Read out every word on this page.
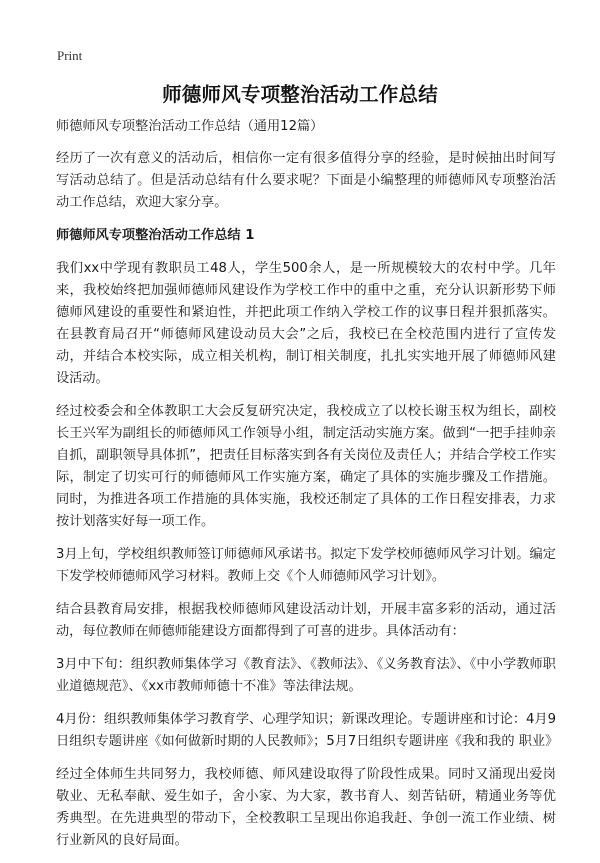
Print
师德师风专项整治活动工作总结

师德师风专项整治活动工作总结（通用12篇）

经历了一次有意义的活动后，相信你一定有很多值得分享的经验，是时候抽出时间写写活动总结了。但是活动总结有什么要求呢？下面是小编整理的师德师风专项整治活动工作总结，欢迎大家分享。

师德师风专项整治活动工作总结 1

我们xx中学现有教职员工48人，学生500余人，是一所规模较大的农村中学。几年来，我校始终把加强师德师风建设作为学校工作中的重中之重，充分认识新形势下师德师风建设的重要性和紧迫性，并把此项工作纳入学校工作的议事日程并狠抓落实。在县教育局召开“师德师风建设动员大会”之后，我校已在全校范围内进行了宣传发动，并结合本校实际，成立相关机构，制订相关制度，扎扎实实地开展了师德师风建设活动。

经过校委会和全体教职工大会反复研究决定，我校成立了以校长谢玉权为组长，副校长王兴军为副组长的师德师风工作领导小组，制定活动实施方案。做到“一把手挂帅亲自抓，副职领导具体抓”，把责任目标落实到各有关岗位及责任人；并结合学校工作实际，制定了切实可行的师德师风工作实施方案，确定了具体的实施步骤及工作措施。同时，为推进各项工作措施的具体实施，我校还制定了具体的工作日程安排表，力求按计划落实好每一项工作。

3月上旬，学校组织教师签订师德师风承诺书。拟定下发学校师德师风学习计划。编定下发学校师德师风学习材料。教师上交《个人师德师风学习计划》。

结合县教育局安排，根据我校师德师风建设活动计划，开展丰富多彩的活动，通过活动，每位教师在师德师能建设方面都得到了可喜的进步。具体活动有：

3月中下旬：组织教师集体学习《教育法》、《教师法》、《义务教育法》、《中小学教师职业道德规范》、《xx市教师师德十不准》等法律法规。

4月份：组织教师集体学习教育学、心理学知识；新课改理论。专题讲座和讨论：4月9日组织专题讲座《如何做新时期的人民教师》；5月7日组织专题讲座《我和我的 职业》

经过全体师生共同努力，我校师德、师风建设取得了阶段性成果。同时又涌现出爱岗敬业、无私奉献、爱生如子，舍小家、为大家，教书育人、刻苦钻研，精通业务等优秀典型。在先进典型的带动下，全校教职工呈现出你追我赶、争创一流工作业绩、树行业新风的良好局面。
